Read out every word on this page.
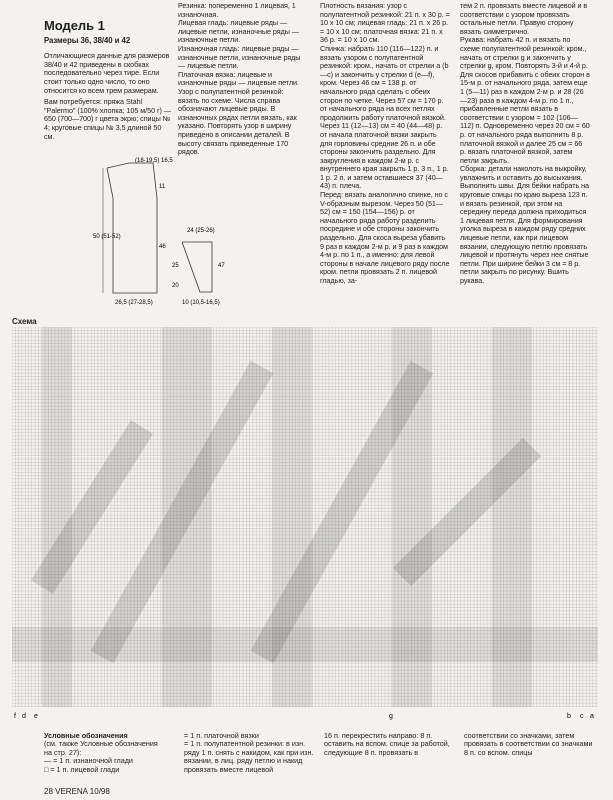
Модель 1
Размеры 36, 38/40 и 42

Отличающиеся данные для размеров 38/40 и 42 приведены в скобках последовательно через тире. Если стоит только одно число, то оно относится ко всем трем размерам.

Вам потребуется: пряжа Stahl "Palermo" (100% хлопка; 105 м/50 г) — 650 (700—700) г цвета экрю; спицы № 4; круговые спицы № 3,5 длиной 50 см.

(18-19,5) 16,5
50 (51-52)
46
11
26,5 (27-28,5)
24 (25-26)
25
20
47
10 (10,5-16,5)

Резинка: попеременно 1 лицевая, 1 изнаночная.

Лицевая гладь: лицевые ряды — лицевые петли, изнаночные ряды — изнаночные петли.

Изнаночная гладь: лицевые ряды — изнаночные петли, изнаночные ряды — лицевые петли.

Платочная вязка: лицевые и изнаночные ряды — лицевые петли.

Узор с полупатентной резинкой: вязать по схеме. Числа справа обозначают лицевые ряды. В изнаночных рядах петли вязать, как указано. Повторять узор в ширину приведено в описании деталей. В высоту связать приведенные 170 рядов.

Плотность вязания: узор с полупатентной резинкой: 21 п. х 30 р. = 10 х 10 см; лицевая гладь: 21 п. х 26 р. = 10 х 10 см; платочная вязка: 21 п. х 36 р. = 10 х 10 см.

Спинка: набрать 110 (116—122) п. и вязать узором с полупатентной резинкой: кром., начать от стрелки a (b—c) и закончить у стрелки d (e—f), кром. Через 46 см = 138 р. от начального ряда сделать с обеих сторон по четке. Через 57 см = 170 р. от начального ряда на всех петлях продолжить работу платочной вязкой. Через 11 (12—13) см = 40 (44—48) р. от начала платочной вязки закрыть для горловины средние 26 п. и обе стороны закончить раздельно. Для закругления в каждом 2-м р. с внутреннего края закрыть 1 р. 3 п., 1 р. 1 р. 2 п. и затем оставшиеся 37 (40—43) п. плеча.

Перед: вязать аналогично спинке, но с V-образным вырезом. Через 50 (51—52) см = 150 (154—156) р. от начального ряда работу разделить посредине и обе стороны закончить раздельно. Для скоса выреза убавить 9 раз в каждом 2-м р. и 9 раз в каждом 4-м р. по 1 п., а именно: для левой стороны в начале лицевого ряду после кром. петли провязать 2 п. лицевой гладью, за-

тем 2 п. провязать вместе лицевой и в соответствии с узором провязать остальные петли. Правую сторону вязать симметрично.

Рукава: набрать 42 п. и вязать по схеме полупатентной резинкой: кром., начать от стрелки g и закончить у стрелки g, кром. Повторять 3-й и 4-й р. Для скосов прибавить с обеих сторон в 15-м р. от начального ряда, затем еще 1 (5—11) раз в каждом 2-м р. и 28 (26—23) раза в каждом 4-м р. по 1 п., прибавленные петли вязать в соответствии с узором = 102 (106—112) п. Одновременно через 20 см = 60 р. от начального ряда выполнить 8 р. платочной вязкой и далее 25 см = 66 р. вязать платочной вязкой, затем петли закрыть.

Сборка: детали наколоть на выкройку, увлажнить и оставить до высыхания. Выполнить швы. Для бейки набрать на круговые спицы по краю выреза 123 п. и вязать резинкой, при этом на середину переда должна приходиться 1 лицевая петля. Для формирования уголка выреза в каждом ряду средних лицевые петли, как при лицевом вязании, следующую петлю провязать лицевой и протянуть через нее снятые петли. При ширине бейки 3 см = 8 р. петли закрыть по рисунку. Вшить рукава.

Схема
f d e	g	b c a
Условные обозначения
(см. также Условные обозначения на стр. 27):
— = 1 п. изнаночной глади
□ = 1 п. лицевой глади
= 1 п. платочной вязки
= 1 п. полупатентной резинки: в изн. ряду 1 п. снять с накидом, как при изн. вязании, в лиц. ряду петлю и накид провязать вместе лицевой
16 п. перекрестить направо: 8 п. оставить на вспом. спице за работой, следующие 8 п. провязать в
соответствии со значками, затем провязать в соответствии со значками 8 п. со вспом. спицы
28 VERENA 10/98
